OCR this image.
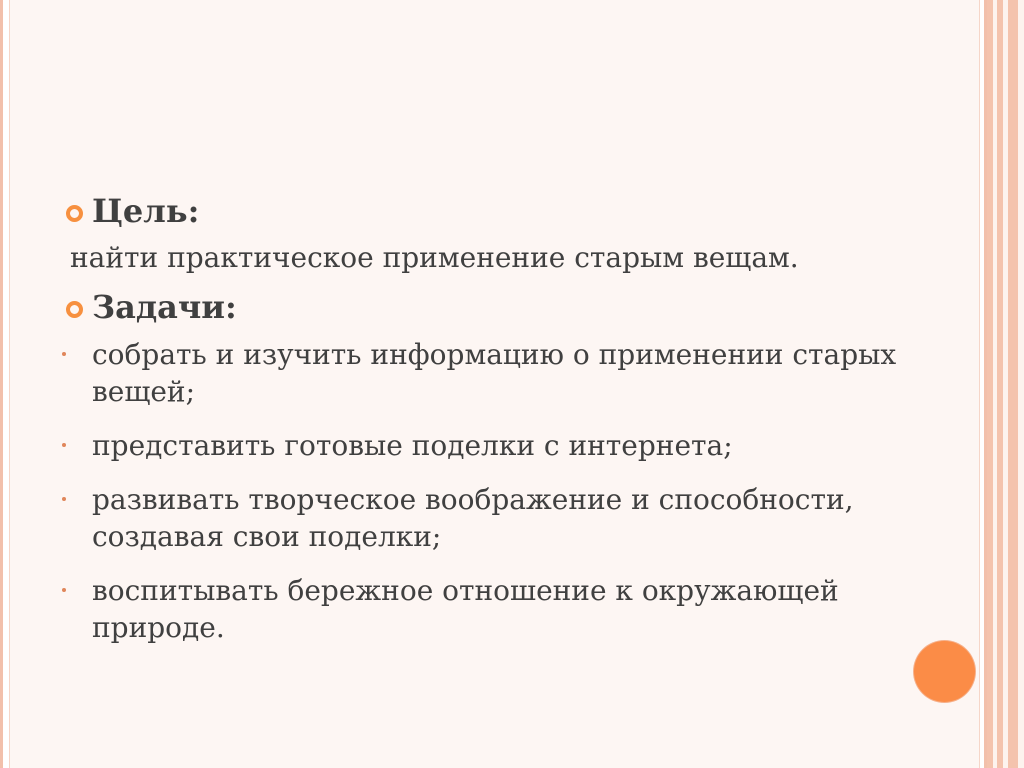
Цель:
найти практическое применение старым вещам.
Задачи:
собрать и изучить информацию о применении старых вещей;
представить готовые поделки с интернета;
развивать творческое воображение и способности, создавая свои поделки;
воспитывать бережное отношение к окружающей природе.
